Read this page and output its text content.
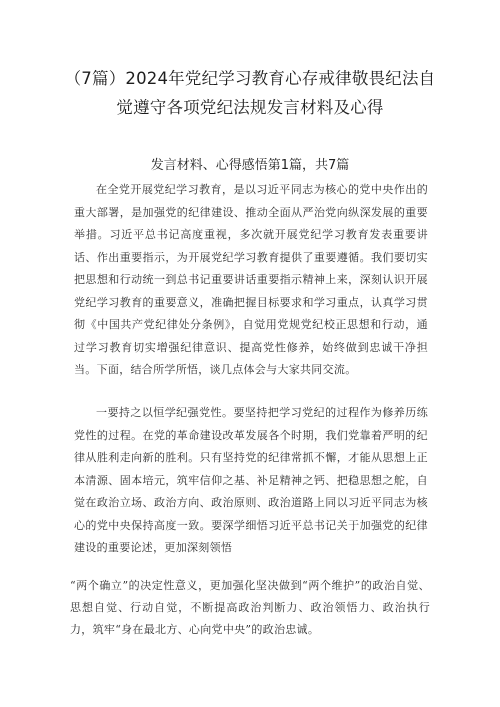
（7篇）2024年党纪学习教育心存戒律敬畏纪法自
觉遵守各项党纪法规发言材料及心得
发言材料、心得感悟第1篇，共7篇

在全党开展党纪学习教育，是以习近平同志为核心的党中央作出的重大部署，是加强党的纪律建设、推动全面从严治党向纵深发展的重要举措。习近平总书记高度重视，多次就开展党纪学习教育发表重要讲话、作出重要指示，为开展党纪学习教育提供了重要遵循。我们要切实把思想和行动统一到总书记重要讲话重要指示精神上来，深刻认识开展党纪学习教育的重要意义，准确把握目标要求和学习重点，认真学习贯彻《中国共产党纪律处分条例》，自觉用党规党纪校正思想和行动，通过学习教育切实增强纪律意识、提高党性修养，始终做到忠诚干净担当。下面，结合所学所悟，谈几点体会与大家共同交流。

一要持之以恒学纪强党性。要坚持把学习党纪的过程作为修养历练党性的过程。在党的革命建设改革发展各个时期，我们党靠着严明的纪律从胜利走向新的胜利。只有坚持党的纪律常抓不懈，才能从思想上正本清源、固本培元，筑牢信仰之基、补足精神之钙、把稳思想之舵，自觉在政治立场、政治方向、政治原则、政治道路上同以习近平同志为核心的党中央保持高度一致。要深学细悟习近平总书记关于加强党的纪律建设的重要论述，更加深刻领悟

“两个确立”的决定性意义，更加强化坚决做到“两个维护”的政治自觉、思想自觉、行动自觉，不断提高政治判断力、政治领悟力、政治执行力，筑牢“身在最北方、心向党中央”的政治忠诚。
